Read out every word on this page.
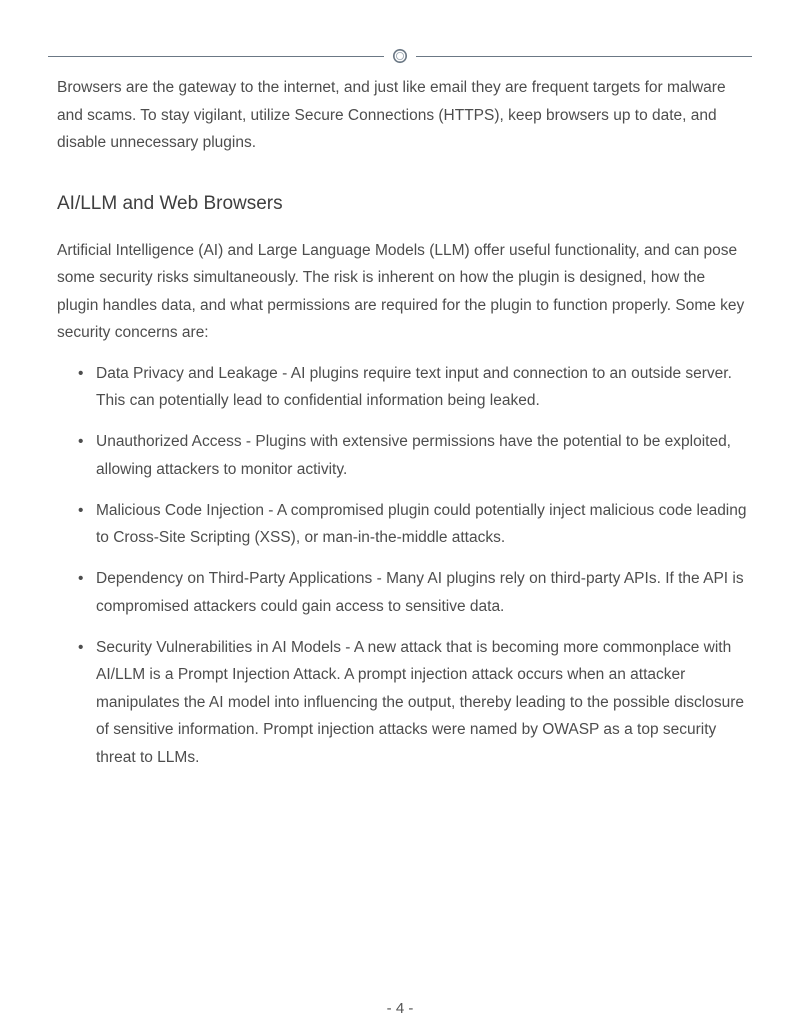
Browsers are the gateway to the internet, and just like email they are frequent targets for malware and scams. To stay vigilant, utilize Secure Connections (HTTPS), keep browsers up to date, and disable unnecessary plugins.

AI/LLM and Web Browsers

Artificial Intelligence (AI) and Large Language Models (LLM) offer useful functionality, and can pose some security risks simultaneously. The risk is inherent on how the plugin is designed, how the plugin handles data, and what permissions are required for the plugin to function properly. Some key security concerns are:

• Data Privacy and Leakage - AI plugins require text input and connection to an outside server. This can potentially lead to confidential information being leaked.
• Unauthorized Access - Plugins with extensive permissions have the potential to be exploited, allowing attackers to monitor activity.
• Malicious Code Injection - A compromised plugin could potentially inject malicious code leading to Cross-Site Scripting (XSS), or man-in-the-middle attacks.
• Dependency on Third-Party Applications - Many AI plugins rely on third-party APIs. If the API is compromised attackers could gain access to sensitive data.
• Security Vulnerabilities in AI Models - A new attack that is becoming more commonplace with AI/LLM is a Prompt Injection Attack. A prompt injection attack occurs when an attacker manipulates the AI model into influencing the output, thereby leading to the possible disclosure of sensitive information. Prompt injection attacks were named by OWASP as a top security threat to LLMs.
- 4 -
